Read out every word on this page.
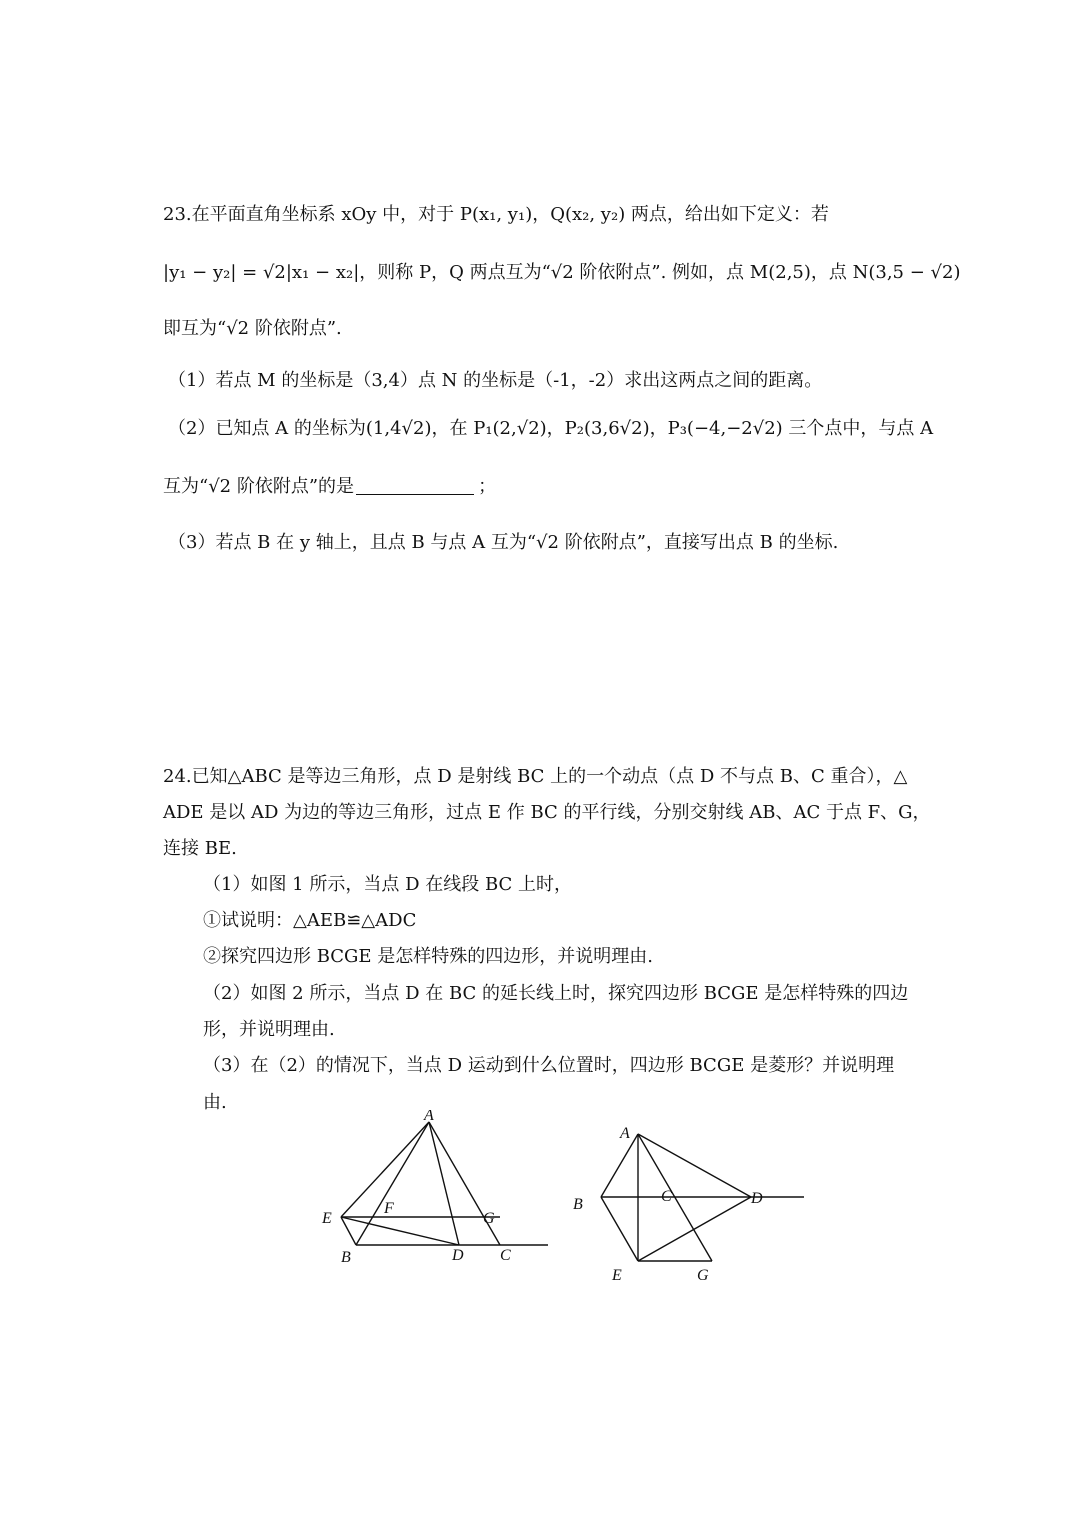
23.在平面直角坐标系 xOy 中，对于 P(x₁, y₁)，Q(x₂, y₂) 两点，给出如下定义：若
|y₁ − y₂| = √2|x₁ − x₂|，则称 P，Q 两点互为“√2 阶依附点”. 例如，点 M(2,5)，点 N(3,5 − √2)
即互为“√2 阶依附点”.
（1）若点 M 的坐标是（3,4）点 N 的坐标是（-1，-2）求出这两点之间的距离。
（2）已知点 A 的坐标为(1,4√2)，在 P₁(2,√2)，P₂(3,6√2)，P₃(−4,−2√2) 三个点中，与点 A
互为“√2 阶依附点”的是	；
（3）若点 B 在 y 轴上，且点 B 与点 A 互为“√2 阶依附点”，直接写出点 B 的坐标.
24.已知△ABC 是等边三角形，点 D 是射线 BC 上的一个动点（点 D 不与点 B、C 重合），△
ADE 是以 AD 为边的等边三角形，过点 E 作 BC 的平行线，分别交射线 AB、AC 于点 F、G，
连接 BE.
（1）如图 1 所示，当点 D 在线段 BC 上时，
①试说明：△AEB≌△ADC
②探究四边形 BCGE 是怎样特殊的四边形，并说明理由.
（2）如图 2 所示，当点 D 在 BC 的延长线上时，探究四边形 BCGE 是怎样特殊的四边
形，并说明理由.
（3）在（2）的情况下，当点 D 运动到什么位置时，四边形 BCGE 是菱形？并说明理
由.
A
E
F
G
B	D C
A
B	C	D
E	G
